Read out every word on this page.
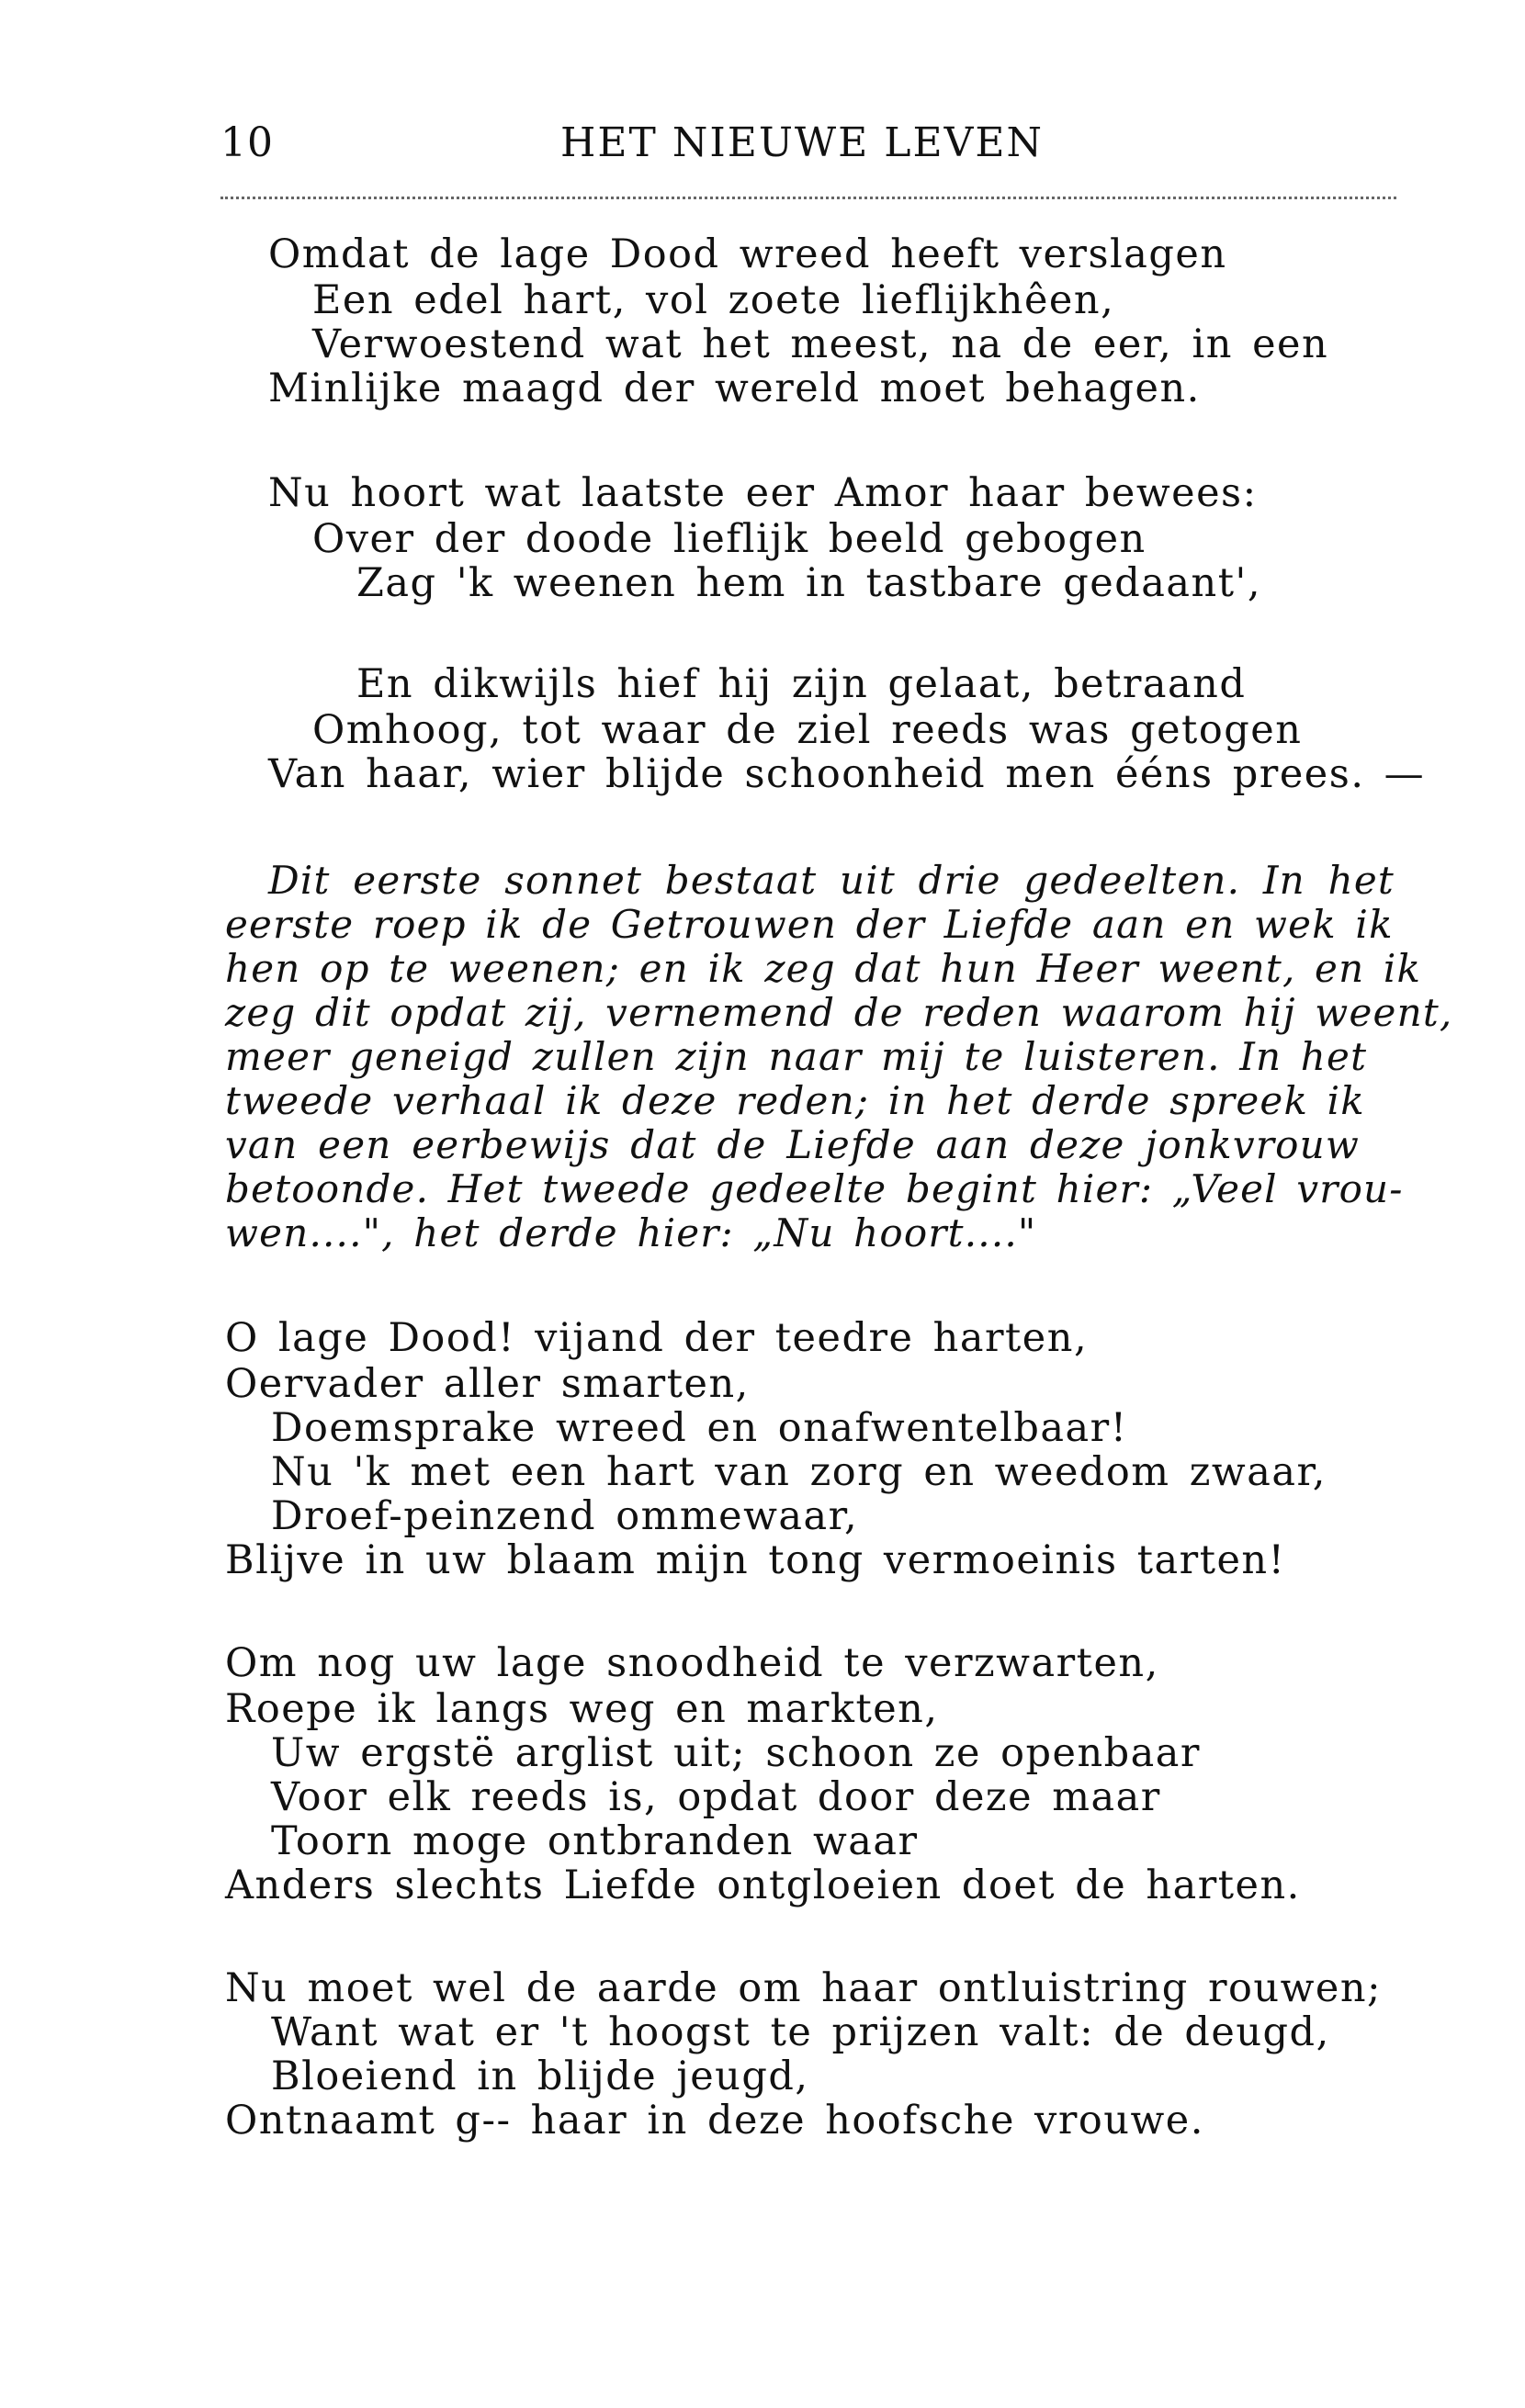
10	HET NIEUWE LEVEN
Omdat de lage Dood wreed heeft verslagen
Een edel hart, vol zoete lieflijkhêen,
Verwoestend wat het meest, na de eer, in een
Minlijke maagd der wereld moet behagen.
Nu hoort wat laatste eer Amor haar bewees:
Over der doode lieflijk beeld gebogen
Zag 'k weenen hem in tastbare gedaant',
En dikwijls hief hij zijn gelaat, betraand
Omhoog, tot waar de ziel reeds was getogen
Van haar, wier blijde schoonheid men ééns prees. —
Dit eerste sonnet bestaat uit drie gedeelten. In het
eerste roep ik de Getrouwen der Liefde aan en wek ik
hen op te weenen; en ik zeg dat hun Heer weent, en ik
zeg dit opdat zij, vernemend de reden waarom hij weent,
meer geneigd zullen zijn naar mij te luisteren. In het
tweede verhaal ik deze reden; in het derde spreek ik
van een eerbewijs dat de Liefde aan deze jonkvrouw
betoonde. Het tweede gedeelte begint hier: „Veel vrou-
wen....", het derde hier: „Nu hoort...."
O lage Dood! vijand der teedre harten,
Oervader aller smarten,
Doemsprake wreed en onafwentelbaar!
Nu 'k met een hart van zorg en weedom zwaar,
Droef-peinzend ommewaar,
Blijve in uw blaam mijn tong vermoeinis tarten!
Om nog uw lage snoodheid te verzwarten,
Roepe ik langs weg en markten,
Uw ergstë arglist uit; schoon ze openbaar
Voor elk reeds is, opdat door deze maar
Toorn moge ontbranden waar
Anders slechts Liefde ontgloeien doet de harten.
Nu moet wel de aarde om haar ontluistring rouwen;
Want wat er 't hoogst te prijzen valt: de deugd,
Bloeiend in blijde jeugd,
Ontnaamt g-- haar in deze hoofsche vrouwe.
